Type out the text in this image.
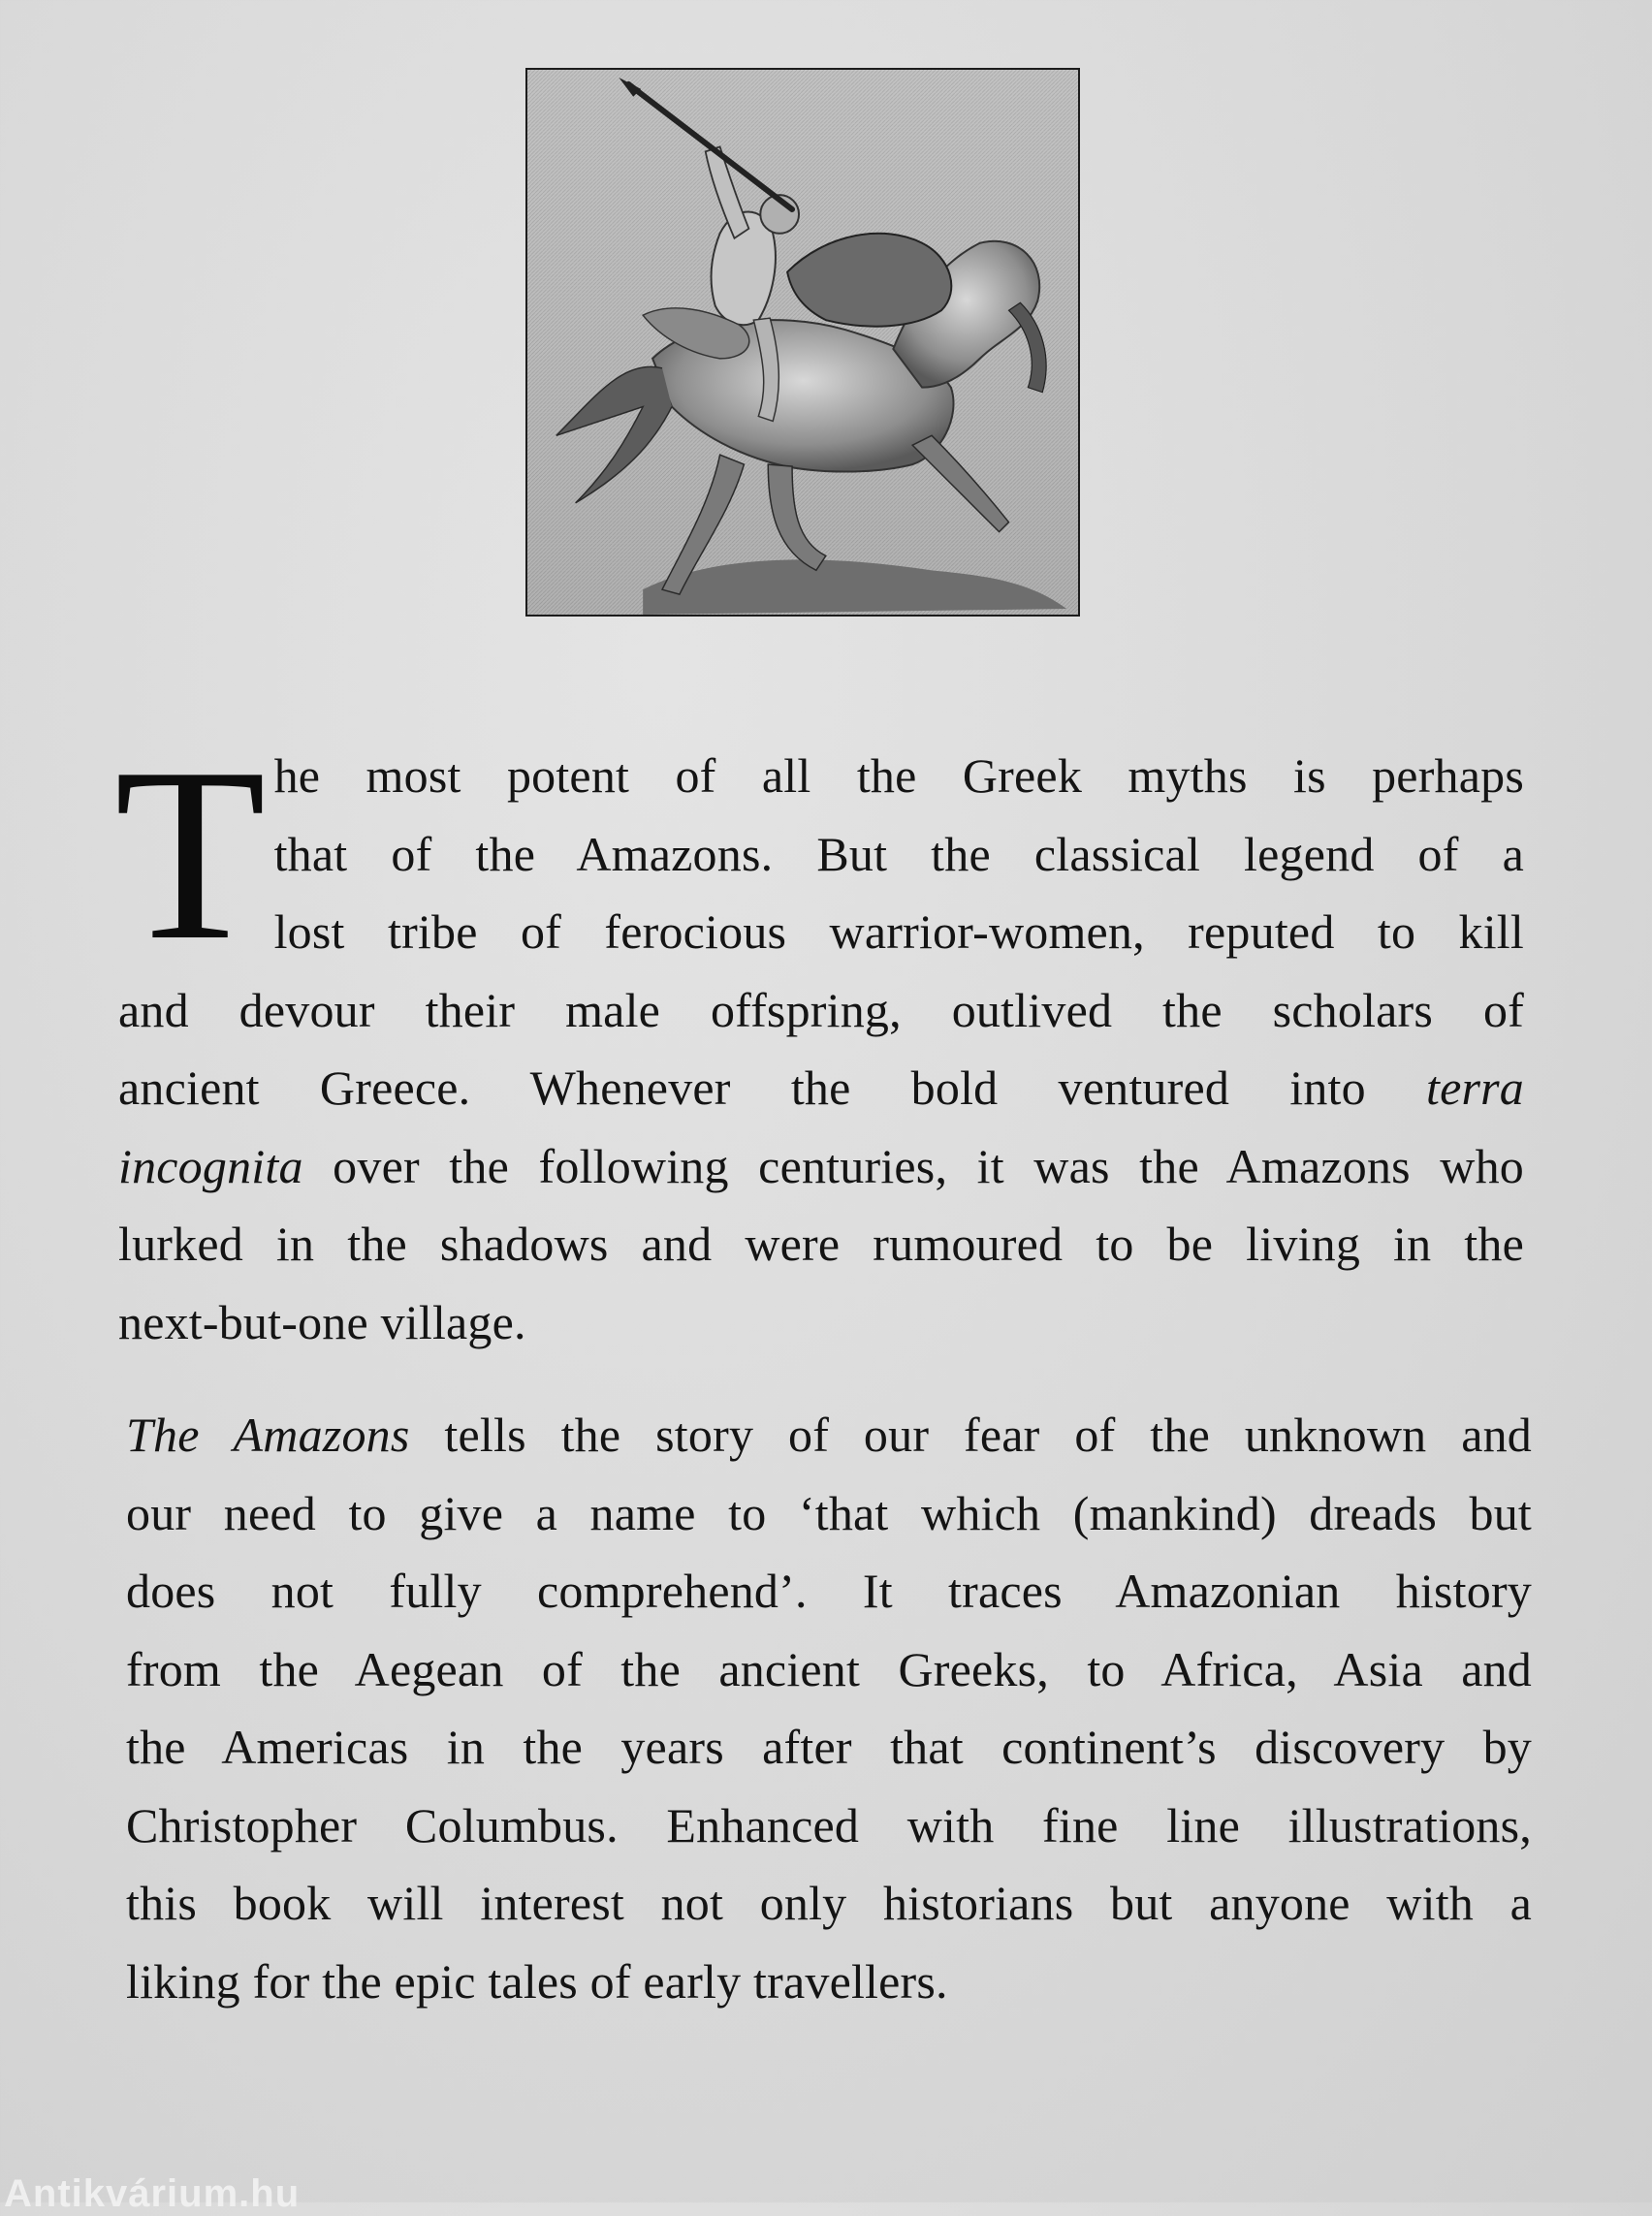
T he most potent of all the Greek myths is perhaps
that of the Amazons. But the classical legend of a
lost tribe of ferocious warrior-women, reputed to kill
and devour their male offspring, outlived the scholars of
ancient Greece. Whenever the bold ventured into terra
incognita over the following centuries, it was the Amazons who
lurked in the shadows and were rumoured to be living in the
next-but-one village.
The Amazons tells the story of our fear of the unknown and
our need to give a name to ‘that which (mankind) dreads but
does not fully comprehend’. It traces Amazonian history
from the Aegean of the ancient Greeks, to Africa, Asia and
the Americas in the years after that continent’s discovery by
Christopher Columbus. Enhanced with fine line illustrations,
this book will interest not only historians but anyone with a
liking for the epic tales of early travellers.
Antikvárium.hu
